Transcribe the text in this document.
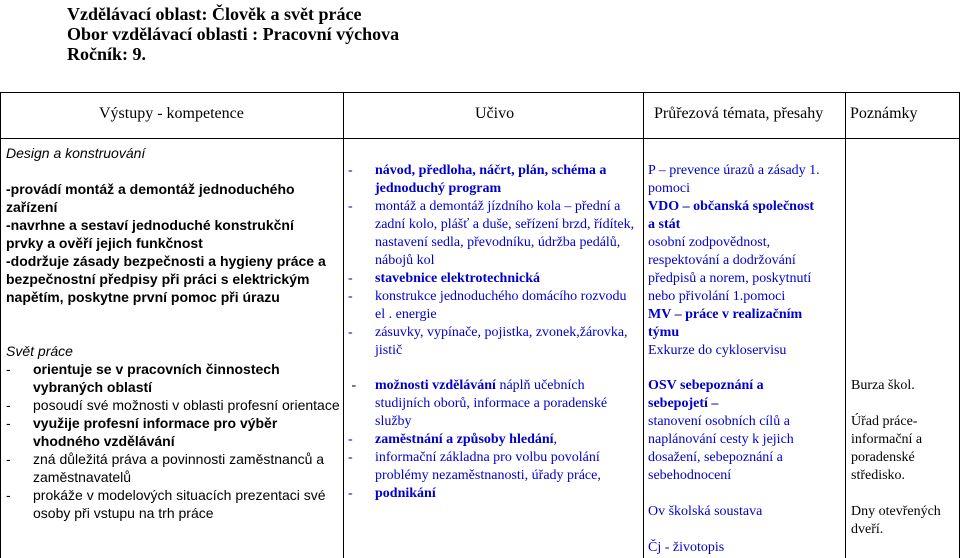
Vzdělávací oblast: Člověk a svět práce
Obor vzdělávací oblasti : Pracovní výchova
Ročník: 9.
Výstupy - kompetence	Učivo	Průřezová témata, přesahy Poznámky
Design a konstruování
-provádí montáž a demontáž jednoduchého
zařízení
-navrhne a sestaví jednoduché konstrukční
prvky a ověří jejich funkčnost
-dodržuje zásady bezpečnosti a hygieny práce a
bezpečnostní předpisy při práci s elektrickým
napětím, poskytne první pomoc při úrazu
Svět práce
- orientuje se v pracovních činnostech vybraných oblastí
- posoudí své možnosti v oblasti profesní orientace
- využije profesní informace pro výběr vhodného vzdělávání
- zná důležitá práva a povinnosti zaměstnanců a zaměstnavatelů
- prokáže v modelových situacích prezentaci své osoby při vstupu na trh práce
- návod, předloha, náčrt, plán, schéma a jednoduchý program
- montáž a demontáž jízdního kola – přední a zadní kolo, plášť a duše, seřízení brzd, řídítek, nastavení sedla, převodníku, údržba pedálů, nábojů kol
- stavebnice elektrotechnická
- konstrukce jednoduchého domácího rozvodu el . energie
- zásuvky, vypínače, pojistka, zvonek,žárovka, jistič
- možnosti vzdělávání náplň učebních studijních oborů, informace a poradenské služby
- zaměstnání a způsoby hledání,
- informační základna pro volbu povolání problémy nezaměstnanosti, úřady práce,
- podnikání
P – prevence úrazů a zásady 1.
pomoci
VDO – občanská společnost
a stát
osobní zodpovědnost,
respektování a dodržování
předpisů a norem, poskytnutí
nebo přivolání 1.pomoci
MV – práce v realizačním
týmu
Exkurze do cykloservisu
OSV sebepoznání a
sebepojetí –
stanovení osobních cílů a
naplánování cesty k jejich
dosažení, sebepoznání a
sebehodnocení
Ov školská soustava
Čj - životopis
Burza škol.
Úřad práce-informační a poradenské středisko.
Dny otevřených dveří.
